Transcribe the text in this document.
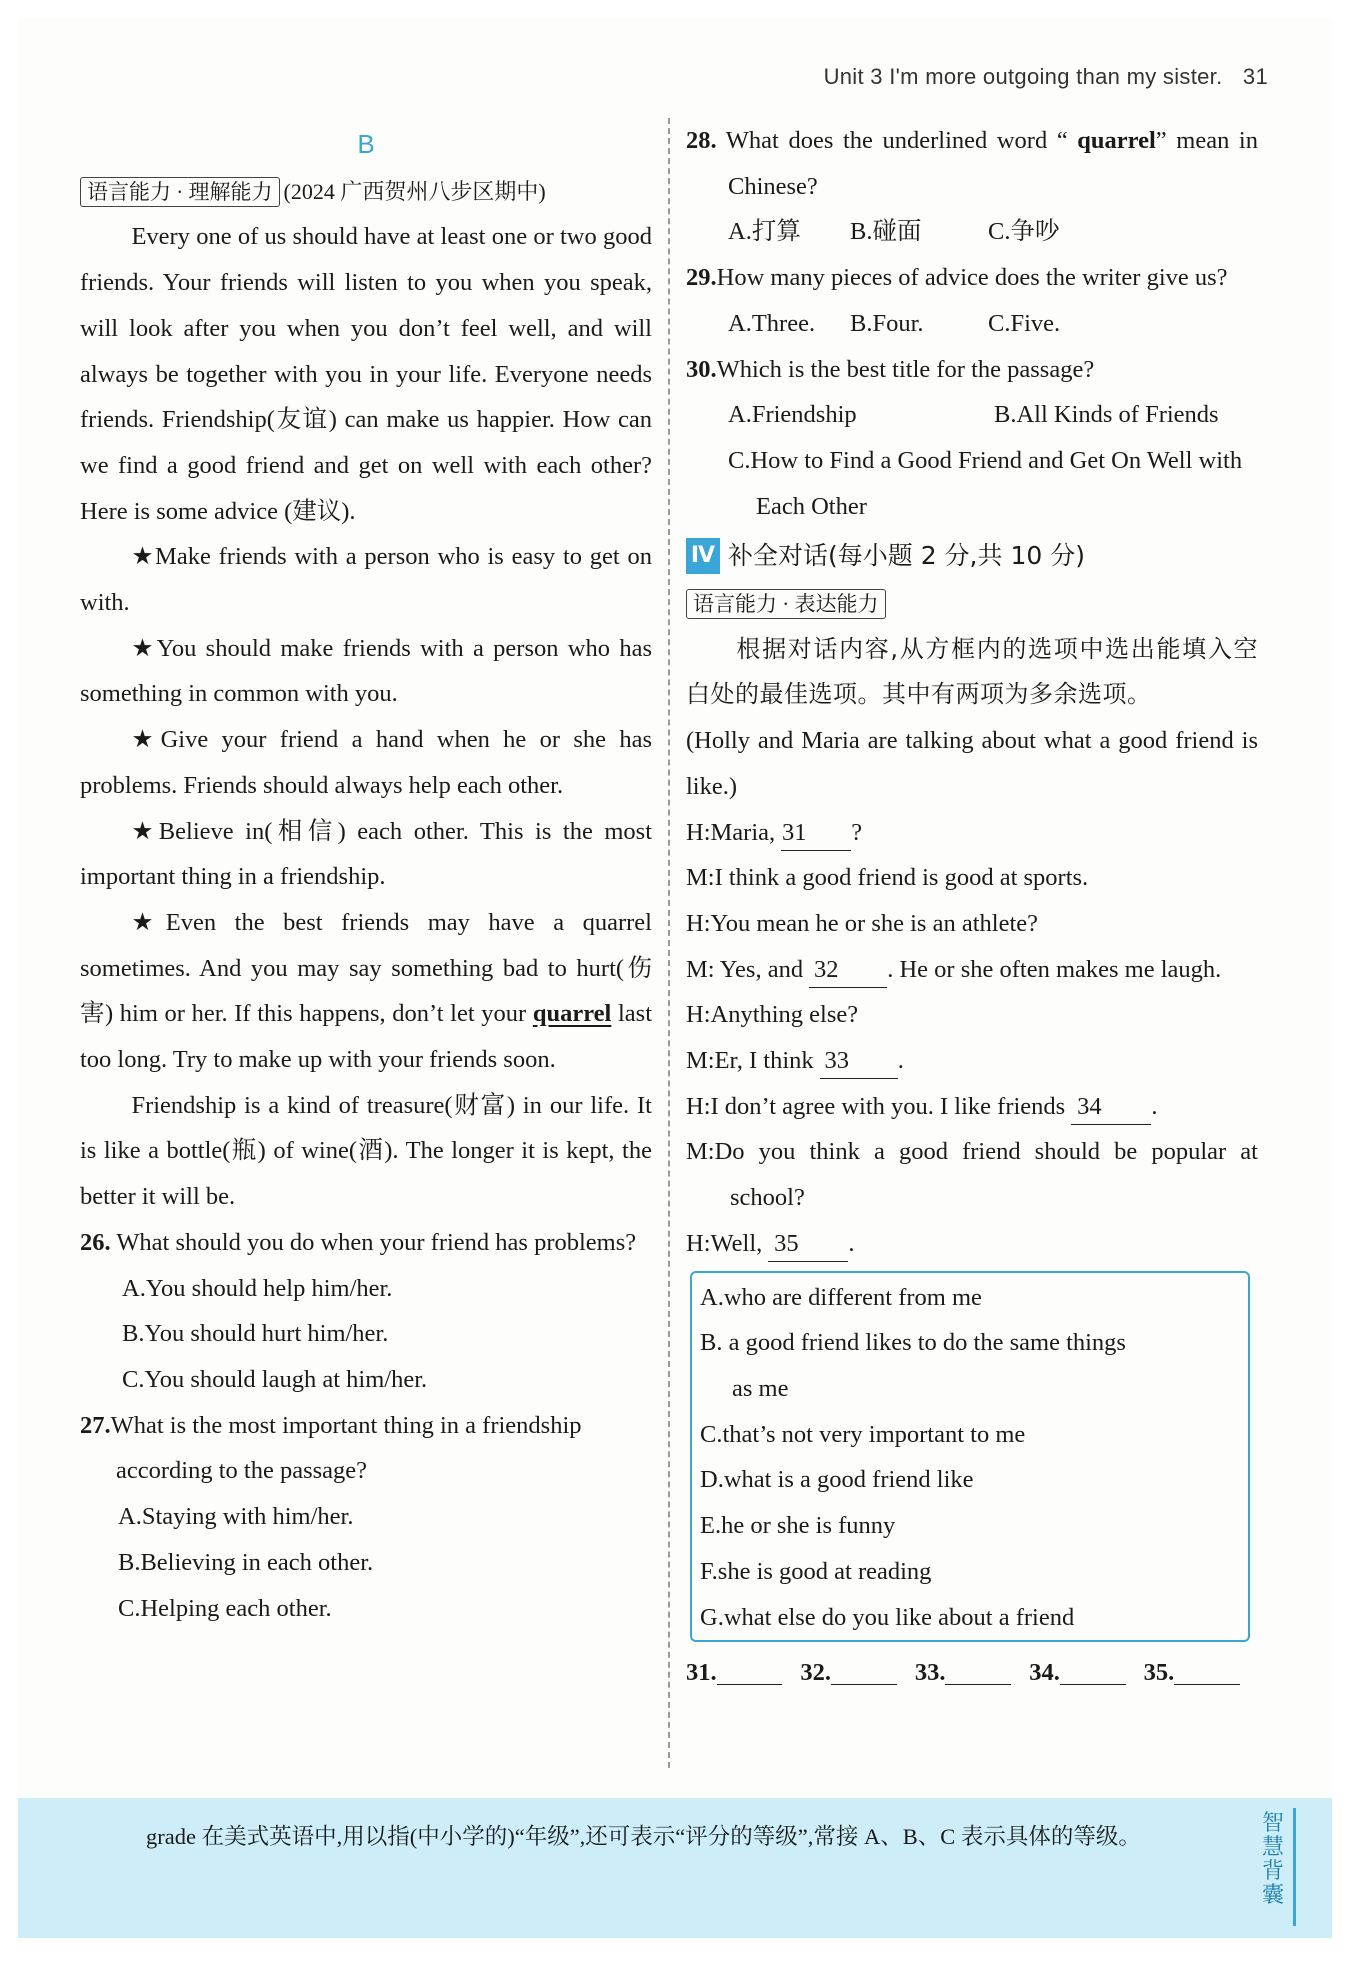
Unit 3 I'm more outgoing than my sister. 31
B
语言能力 · 理解能力 (2024 广西贺州八步区期中)

Every one of us should have at least one or two good friends. Your friends will listen to you when you speak, will look after you when you don’t feel well, and will always be together with you in your life. Everyone needs friends. Friendship(友谊) can make us happier. How can we find a good friend and get on well with each other? Here is some advice (建议).

★Make friends with a person who is easy to get on with.

★You should make friends with a person who has something in common with you.

★Give your friend a hand when he or she has problems. Friends should always help each other.

★Believe in(相信) each other. This is the most important thing in a friendship.

★Even the best friends may have a quarrel sometimes. And you may say something bad to hurt(伤害) him or her. If this happens, don’t let your quarrel last too long. Try to make up with your friends soon.

Friendship is a kind of treasure(财富) in our life. It is like a bottle(瓶) of wine(酒). The longer it is kept, the better it will be.

26. What should you do when your friend has problems?

A.You should help him/her.

B.You should hurt him/her.

C.You should laugh at him/her.

27.What is the most important thing in a friendship according to the passage?

A.Staying with him/her.

B.Believing in each other.

C.Helping each other.

28. What does the underlined word “ quarrel” mean in Chinese?

A.打算	B.碰面	C.争吵

29.How many pieces of advice does the writer give us?

A.Three.	B.Four.	C.Five.

30.Which is the best title for the passage?

A.Friendship	B.All Kinds of Friends

C.How to Find a Good Friend and Get On Well with Each Other

Ⅳ 补全对话(每小题 2 分,共 10 分)
语言能力 · 表达能力

根据对话内容,从方框内的选项中选出能填入空白处的最佳选项。其中有两项为多余选项。

(Holly and Maria are talking about what a good friend is like.)

H:Maria, 31 ?

M:I think a good friend is good at sports.

H:You mean he or she is an athlete?

M: Yes, and 32 . He or she often makes me laugh.

H:Anything else?

M:Er, I think 33 .

H:I don’t agree with you. I like friends 34 .

M:Do you think a good friend should be popular at school?

H:Well, 35 .

A.who are different from me

B. a good friend likes to do the same things

as me

C.that’s not very important to me

D.what is a good friend like

E.he or she is funny

F.she is good at reading

G.what else do you like about a friend

31.	32.	33.	34.	35.
grade 在美式英语中,用以指(中小学的)“年级”,还可表示“评分的等级”,常接 A、B、C 表示具体的等级。
智慧背囊
